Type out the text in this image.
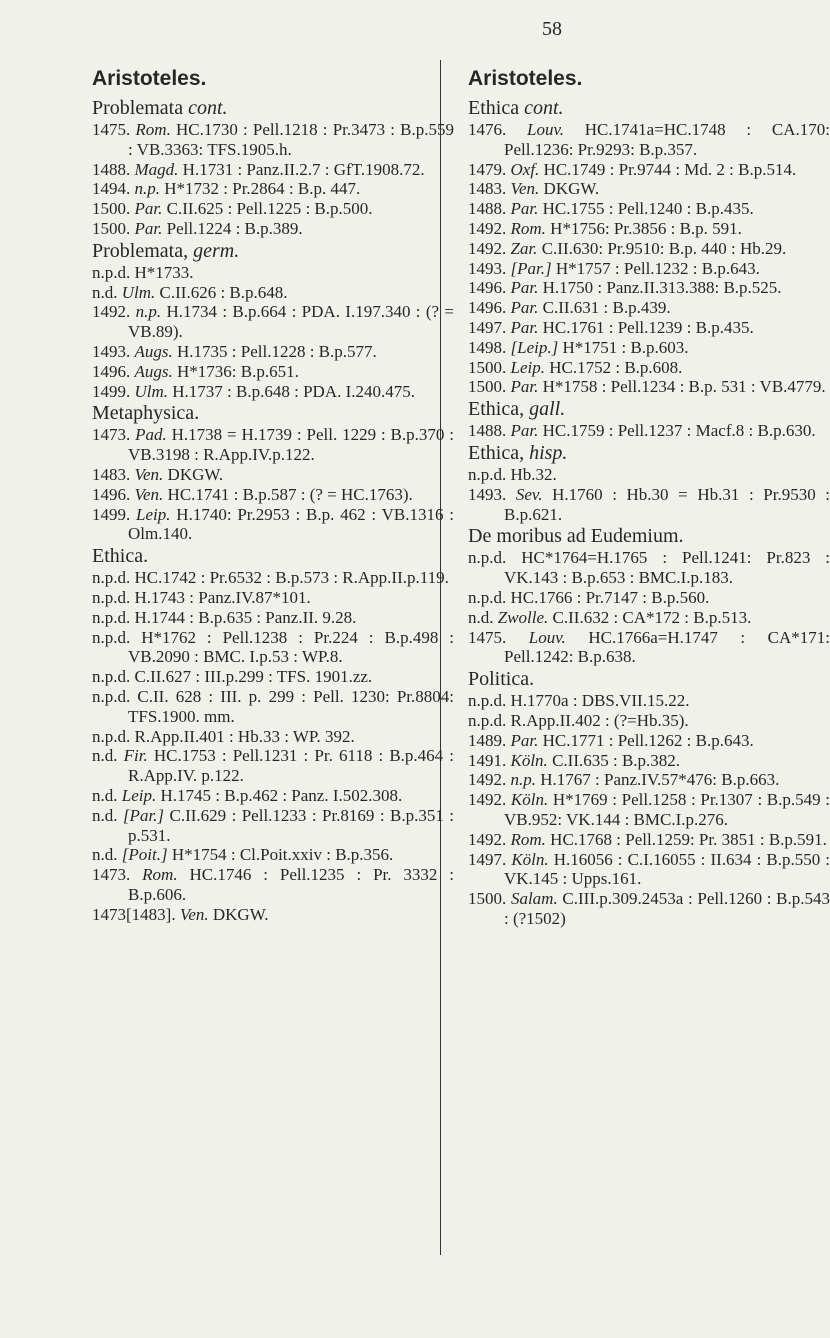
58
Aristoteles.
Problemata cont.

1475. Rom. HC.1730 : Pell.1218 : Pr.3473 : B.p.559 : VB.3363: TFS.1905.h.

1488. Magd. H.1731 : Panz.II.2.7 : GfT.1908.72.

1494. n.p. H*1732 : Pr.2864 : B.p. 447.

1500. Par. C.II.625 : Pell.1225 : B.p.500.

1500. Par. Pell.1224 : B.p.389.

Problemata, germ.

n.p.d. H*1733.

n.d. Ulm. C.II.626 : B.p.648.

1492. n.p. H.1734 : B.p.664 : PDA. I.197.340 : (? = VB.89).

1493. Augs. H.1735 : Pell.1228 : B.p.577.

1496. Augs. H*1736: B.p.651.

1499. Ulm. H.1737 : B.p.648 : PDA. I.240.475.

Metaphysica.

1473. Pad. H.1738 = H.1739 : Pell. 1229 : B.p.370 : VB.3198 : R.App.IV.p.122.

1483. Ven. DKGW.

1496. Ven. HC.1741 : B.p.587 : (? = HC.1763).

1499. Leip. H.1740: Pr.2953 : B.p. 462 : VB.1316 : Olm.140.

Ethica.

n.p.d. HC.1742 : Pr.6532 : B.p.573 : R.App.II.p.119.

n.p.d. H.1743 : Panz.IV.87*101.

n.p.d. H.1744 : B.p.635 : Panz.II. 9.28.

n.p.d. H*1762 : Pell.1238 : Pr.224 : B.p.498 : VB.2090 : BMC. I.p.53 : WP.8.

n.p.d. C.II.627 : III.p.299 : TFS. 1901.zz.

n.p.d. C.II. 628 : III. p. 299 : Pell. 1230: Pr.8804: TFS.1900. mm.

n.p.d. R.App.II.401 : Hb.33 : WP. 392.

n.d. Fir. HC.1753 : Pell.1231 : Pr. 6118 : B.p.464 : R.App.IV. p.122.

n.d. Leip. H.1745 : B.p.462 : Panz. I.502.308.

n.d. [Par.] C.II.629 : Pell.1233 : Pr.8169 : B.p.351 : p.531.

n.d. [Poit.] H*1754 : Cl.Poit.xxiv : B.p.356.

1473. Rom. HC.1746 : Pell.1235 : Pr. 3332 : B.p.606.

1473[1483]. Ven. DKGW.

Aristoteles.
Ethica cont.

1476. Louv. HC.1741a=HC.1748 : CA.170: Pell.1236: Pr.9293: B.p.357.

1479. Oxf. HC.1749 : Pr.9744 : Md. 2 : B.p.514.

1483. Ven. DKGW.

1488. Par. HC.1755 : Pell.1240 : B.p.435.

1492. Rom. H*1756: Pr.3856 : B.p. 591.

1492. Zar. C.II.630: Pr.9510: B.p. 440 : Hb.29.

1493. [Par.] H*1757 : Pell.1232 : B.p.643.

1496. Par. H.1750 : Panz.II.313.388: B.p.525.

1496. Par. C.II.631 : B.p.439.

1497. Par. HC.1761 : Pell.1239 : B.p.435.

1498. [Leip.] H*1751 : B.p.603.

1500. Leip. HC.1752 : B.p.608.

1500. Par. H*1758 : Pell.1234 : B.p. 531 : VB.4779.

Ethica, gall.

1488. Par. HC.1759 : Pell.1237 : Macf.8 : B.p.630.

Ethica, hisp.

n.p.d. Hb.32.

1493. Sev. H.1760 : Hb.30 = Hb.31 : Pr.9530 : B.p.621.

De moribus ad Eudemium.

n.p.d. HC*1764=H.1765 : Pell.1241: Pr.823 : VK.143 : B.p.653 : BMC.I.p.183.

n.p.d. HC.1766 : Pr.7147 : B.p.560.

n.d. Zwolle. C.II.632 : CA*172 : B.p.513.

1475. Louv. HC.1766a=H.1747 : CA*171: Pell.1242: B.p.638.

Politica.

n.p.d. H.1770a : DBS.VII.15.22.

n.p.d. R.App.II.402 : (?=Hb.35).

1489. Par. HC.1771 : Pell.1262 : B.p.643.

1491. Köln. C.II.635 : B.p.382.

1492. n.p. H.1767 : Panz.IV.57*476: B.p.663.

1492. Köln. H*1769 : Pell.1258 : Pr.1307 : B.p.549 : VB.952: VK.144 : BMC.I.p.276.

1492. Rom. HC.1768 : Pell.1259: Pr. 3851 : B.p.591.

1497. Köln. H.16056 : C.I.16055 : II.634 : B.p.550 : VK.145 : Upps.161.

1500. Salam. C.III.p.309.2453a : Pell.1260 : B.p.543 : (?1502)
